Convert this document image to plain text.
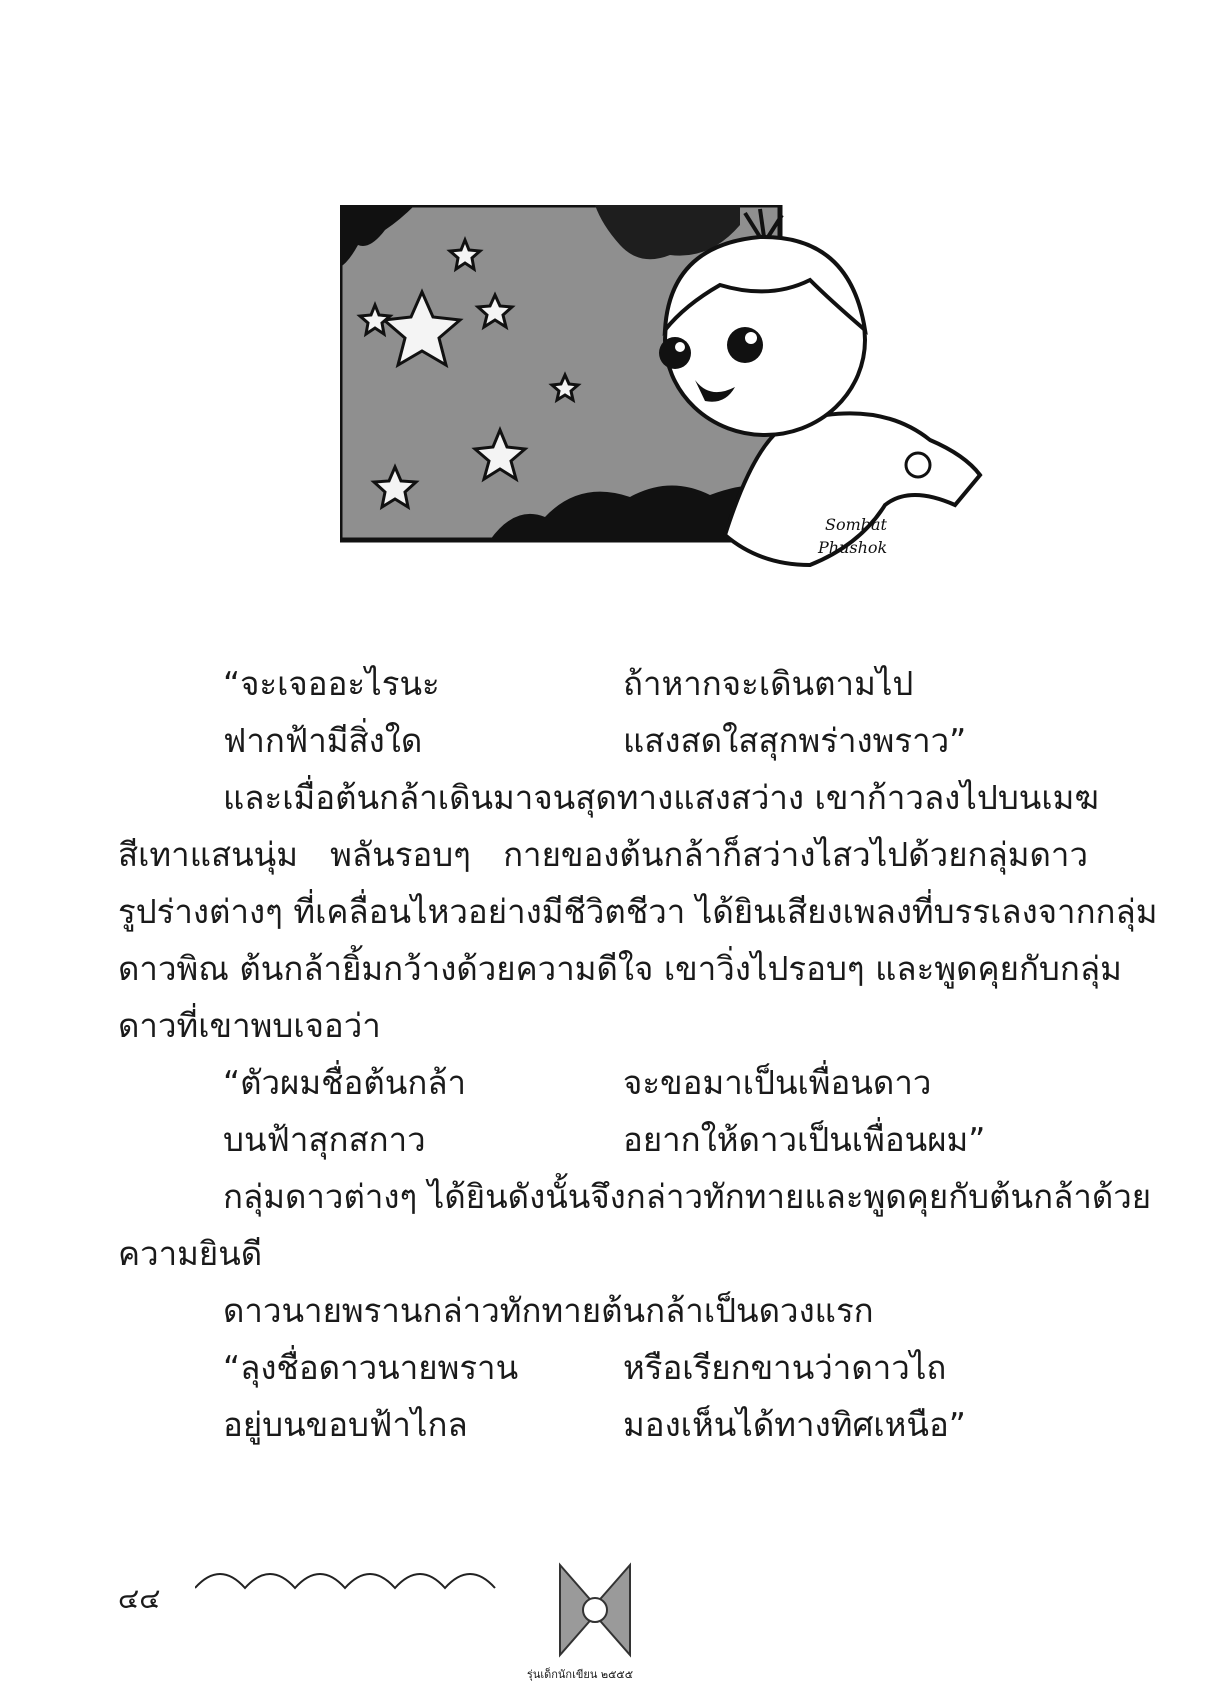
Sombat
Phushok
“จะเจออะไรนะ	ถ้าหากจะเดินตามไป
ฟากฟ้ามีสิ่งใด	แสงสดใสสุกพร่างพราว”
และเมื่อต้นกล้าเดินมาจนสุดทางแสงสว่าง เขาก้าวลงไปบนเมฆ
สีเทาแสนนุ่ม พลันรอบๆ กายของต้นกล้าก็สว่างไสวไปด้วยกลุ่มดาว
รูปร่างต่างๆ ที่เคลื่อนไหวอย่างมีชีวิตชีวา ได้ยินเสียงเพลงที่บรรเลงจากกลุ่ม
ดาวพิณ ต้นกล้ายิ้มกว้างด้วยความดีใจ เขาวิ่งไปรอบๆ และพูดคุยกับกลุ่ม
ดาวที่เขาพบเจอว่า
“ตัวผมชื่อต้นกล้า	จะขอมาเป็นเพื่อนดาว
บนฟ้าสุกสกาว	อยากให้ดาวเป็นเพื่อนผม”
กลุ่มดาวต่างๆ ได้ยินดังนั้นจึงกล่าวทักทายและพูดคุยกับต้นกล้าด้วย
ความยินดี
ดาวนายพรานกล่าวทักทายต้นกล้าเป็นดวงแรก
“ลุงชื่อดาวนายพราน	หรือเรียกขานว่าดาวไถ
อยู่บนขอบฟ้าไกล	มองเห็นได้ทางทิศเหนือ”
๔๔
รุ่นเด็กนักเขียน ๒๕๕๕
